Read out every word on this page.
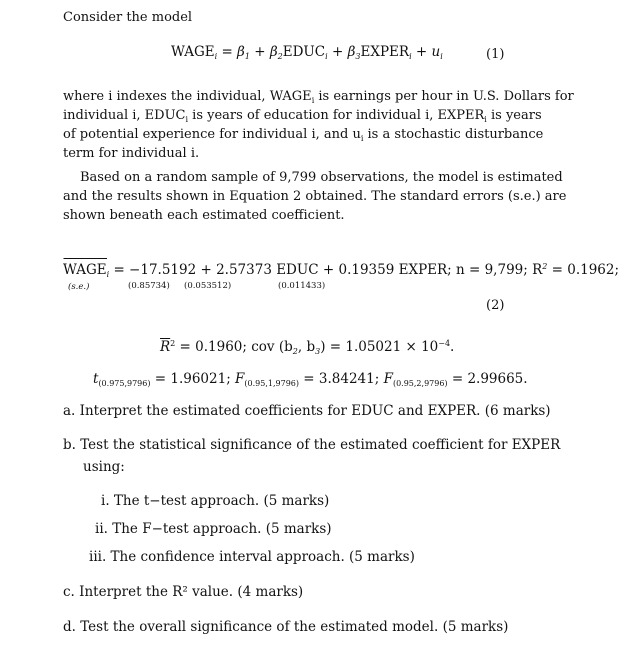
Consider the model
$WAGE_i = \beta_1$ + $\beta_2EDUC_i$ + $\beta_3EXPER_i + u_i$	(1)
where i indexes the individual, $WAGE_i$ is earnings per hour in U.S. Dollars for
individual i, $EDUC_i$ is years of education for individual i, $EXPER_i$ is years
of potential experience for individual i, and $u_i$ is a stochastic disturbance
term for individual i.
Based on a random sample of 9,799 observations, the model is estimated
and the results shown in Equation 2 obtained. The standard errors (s.e.) are
shown beneath each estimated coefficient.
$WAGE_i = -17.5192 + 2.57373$ EDUC + 0.19359 EXPER; n = 9,799; $R^2 = 0.1962$;
(s.e.)	(0.85734) (0.053512)	(0.011433)
(2)
$\overline{R}^2 = 0.1960$; cov ($b_2$, $b_3) = 1.05021 \times 10^{-4}$.
$t_{(0.975,9796)} = 1.96021$; $F_{(0.95,1,9796)} = 3.84241$; $F_{(0.95,2,9796)} = 2.99665$.
a. Interpret the estimated coefficients for EDUC and EXPER. (6 marks)
b. Test the statistical significance of the estimated coefficient for EXPER
using:
i. The t−test approach. (5 marks)
ii. The F−test approach. (5 marks)
iii. The confidence interval approach. (5 marks)
c. Interpret the R² value. (4 marks)
d. Test the overall significance of the estimated model. (5 marks)
